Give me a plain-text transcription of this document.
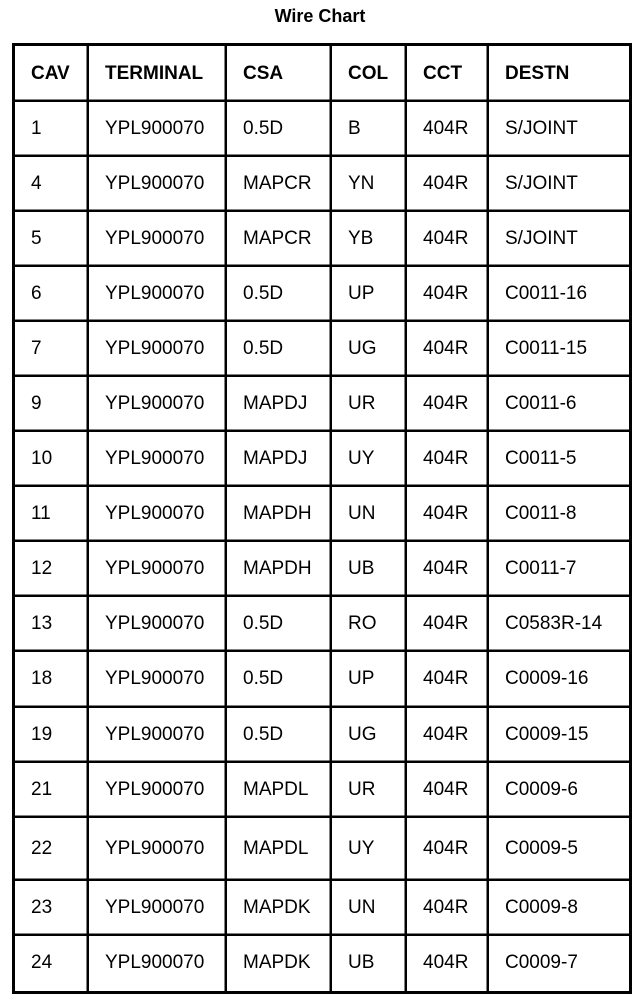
Wire Chart
CAV	TERMINAL	CSA	COL	CCT	DESTN
1	YPL900070	0.5D	B	404R	S/JOINT
4	YPL900070	MAPCR	YN	404R	S/JOINT
5	YPL900070	MAPCR	YB	404R	S/JOINT
6	YPL900070	0.5D	UP	404R	C0011-16
7	YPL900070	0.5D	UG	404R	C0011-15
9	YPL900070	MAPDJ	UR	404R	C0011-6
10	YPL900070	MAPDJ	UY	404R	C0011-5
11	YPL900070	MAPDH	UN	404R	C0011-8
12	YPL900070	MAPDH	UB	404R	C0011-7
13	YPL900070	0.5D	RO	404R	C0583R-14
18	YPL900070	0.5D	UP	404R	C0009-16
19	YPL900070	0.5D	UG	404R	C0009-15
21	YPL900070	MAPDL	UR	404R	C0009-6
22	YPL900070	MAPDL	UY	404R	C0009-5
23	YPL900070	MAPDK	UN	404R	C0009-8
24	YPL900070	MAPDK	UB	404R	C0009-7
